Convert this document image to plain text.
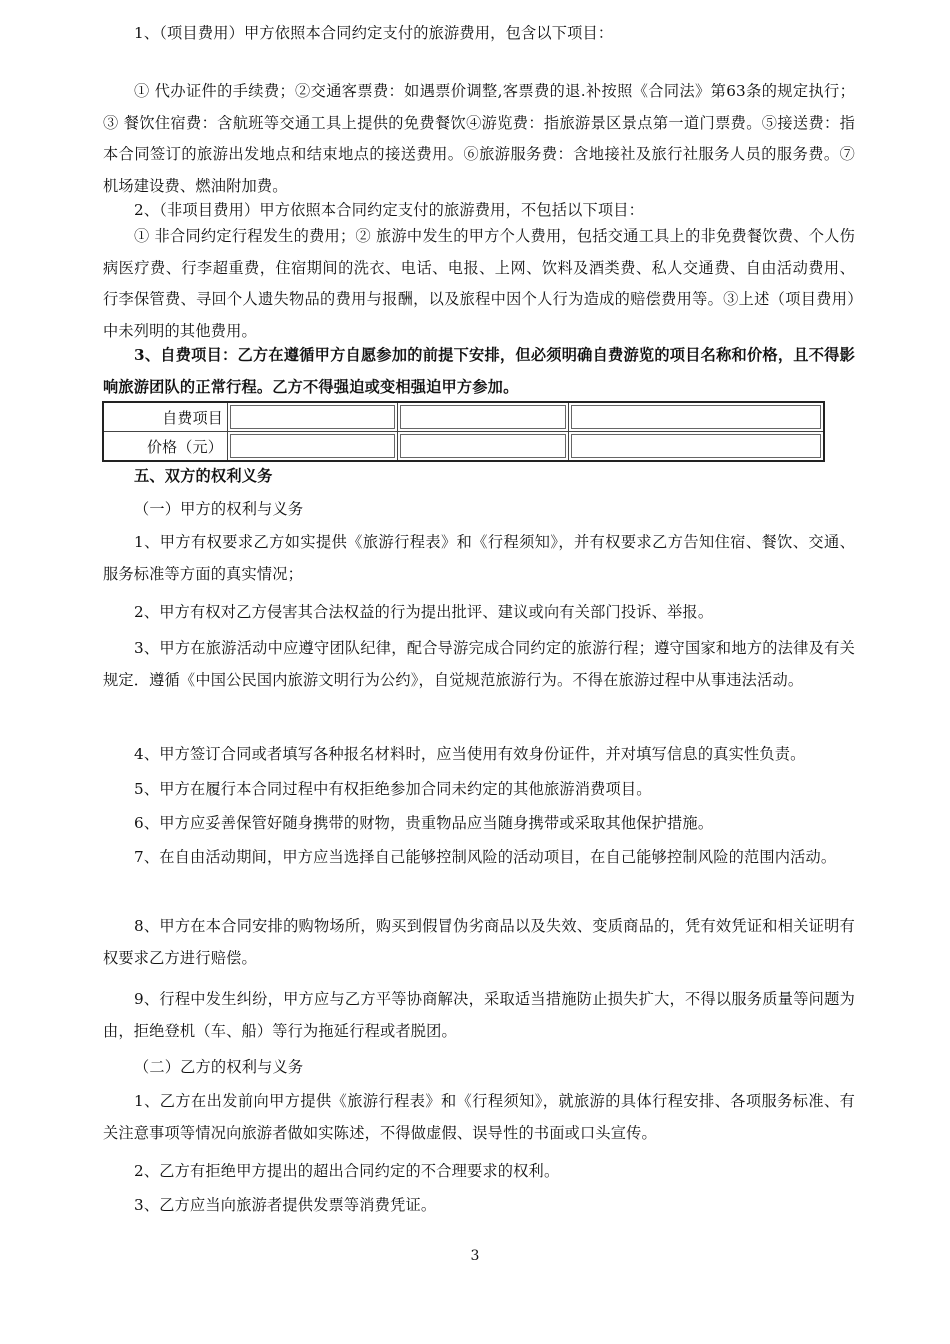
1、（项目费用）甲方依照本合同约定支付的旅游费用，包含以下项目：

① 代办证件的手续费；②交通客票费：如遇票价调整,客票费的退.补按照《合同法》第63条的规定执行；③ 餐饮住宿费：含航班等交通工具上提供的免费餐饮④游览费：指旅游景区景点第一道门票费。⑤接送费：指本合同签订的旅游出发地点和结束地点的接送费用。⑥旅游服务费：含地接社及旅行社服务人员的服务费。⑦机场建设费、燃油附加费。

2、（非项目费用）甲方依照本合同约定支付的旅游费用，不包括以下项目：

① 非合同约定行程发生的费用；② 旅游中发生的甲方个人费用，包括交通工具上的非免费餐饮费、个人伤病医疗费、行李超重费，住宿期间的洗衣、电话、电报、上网、饮料及酒类费、私人交通费、自由活动费用、行李保管费、寻回个人遗失物品的费用与报酬，以及旅程中因个人行为造成的赔偿费用等。③上述（项目费用）中未列明的其他费用。

3、自费项目：乙方在遵循甲方自愿参加的前提下安排，但必须明确自费游览的项目名称和价格，且不得影响旅游团队的正常行程。乙方不得强迫或变相强迫甲方参加。

自费项目			
价格（元）			

五、双方的权利义务

（一）甲方的权利与义务

1、甲方有权要求乙方如实提供《旅游行程表》和《行程须知》，并有权要求乙方告知住宿、餐饮、交通、服务标准等方面的真实情况；

2、甲方有权对乙方侵害其合法权益的行为提出批评、建议或向有关部门投诉、举报。

3、甲方在旅游活动中应遵守团队纪律，配合导游完成合同约定的旅游行程；遵守国家和地方的法律及有关规定．遵循《中国公民国内旅游文明行为公约》，自觉规范旅游行为。不得在旅游过程中从事违法活动。

4、甲方签订合同或者填写各种报名材料时，应当使用有效身份证件，并对填写信息的真实性负责。

5、甲方在履行本合同过程中有权拒绝参加合同未约定的其他旅游消费项目。

6、甲方应妥善保管好随身携带的财物，贵重物品应当随身携带或采取其他保护措施。

7、在自由活动期间，甲方应当选择自己能够控制风险的活动项目，在自己能够控制风险的范围内活动。

8、甲方在本合同安排的购物场所，购买到假冒伪劣商品以及失效、变质商品的，凭有效凭证和相关证明有权要求乙方进行赔偿。

9、行程中发生纠纷，甲方应与乙方平等协商解决，采取适当措施防止损失扩大，不得以服务质量等问题为由，拒绝登机（车、船）等行为拖延行程或者脱团。

（二）乙方的权利与义务

1、乙方在出发前向甲方提供《旅游行程表》和《行程须知》，就旅游的具体行程安排、各项服务标准、有关注意事项等情况向旅游者做如实陈述，不得做虚假、误导性的书面或口头宣传。

2、乙方有拒绝甲方提出的超出合同约定的不合理要求的权利。

3、乙方应当向旅游者提供发票等消费凭证。

3
